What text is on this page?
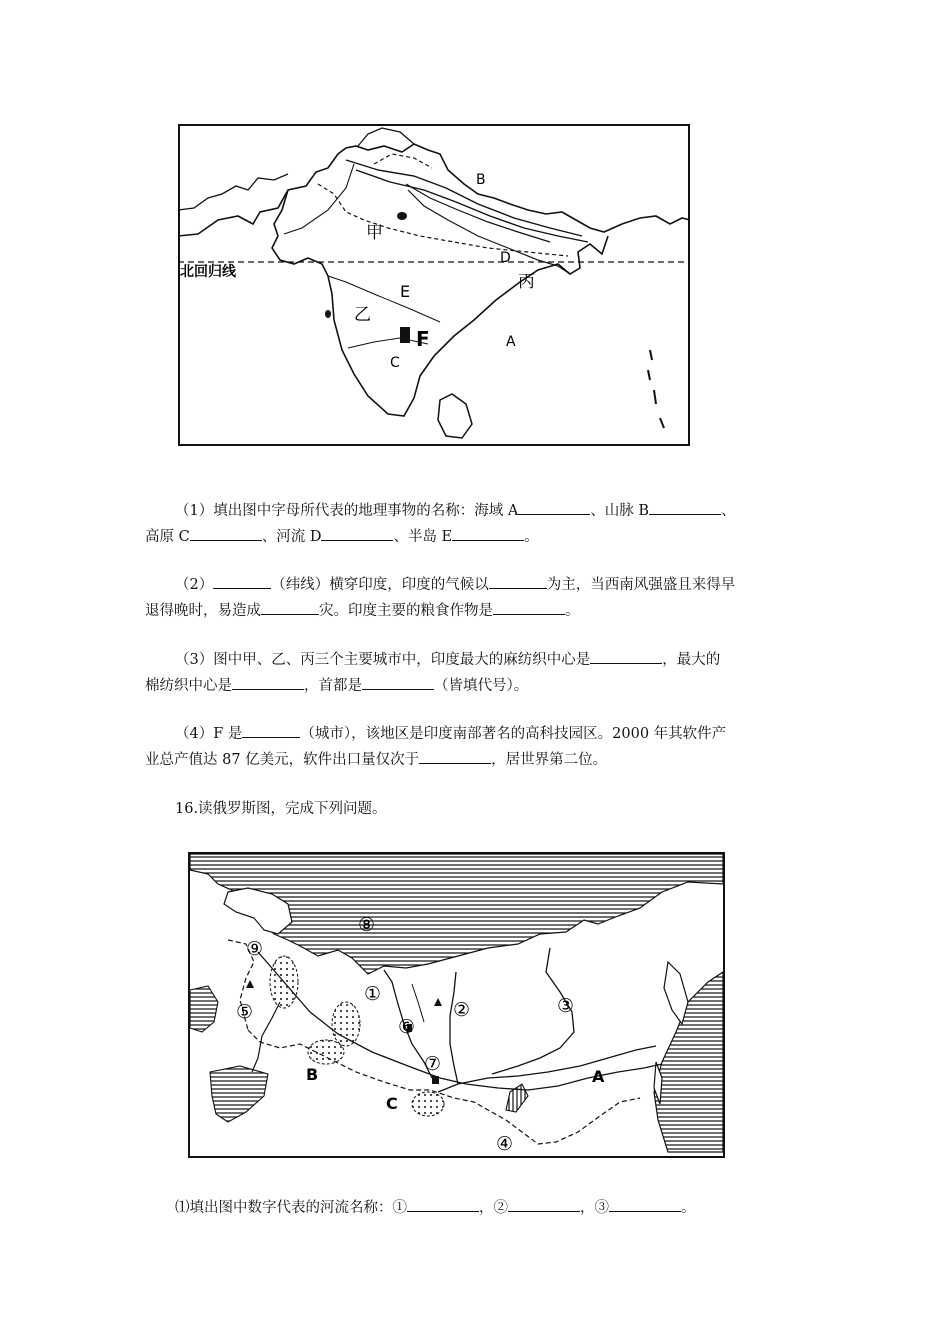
B
甲
D
北回归线	丙
E
乙
F
C
A

（1）填出图中字母所代表的地理事物的名称：海域 A	、山脉 B	、

高原 C	、河流 D	、半岛 E	。

（2）	（纬线）横穿印度，印度的气候以	为主，当西南风强盛且来得早

退得晚时，易造成	灾。印度主要的粮食作物是	。

（3）图中甲、乙、丙三个主要城市中，印度最大的麻纺织中心是	，最大的

棉纺织中心是	，首都是	（皆填代号）。

（4）F 是	（城市），该地区是印度南部著名的高科技园区。2000 年其软件产

业总产值达 87 亿美元，软件出口量仅次于	，居世界第二位。

16.读俄罗斯图，完成下列问题。

⑧
⑨
①
②	③
⑤
⑥
⑦
④
A
B
C

⑴填出图中数字代表的河流名称：①	，②	，③	。
